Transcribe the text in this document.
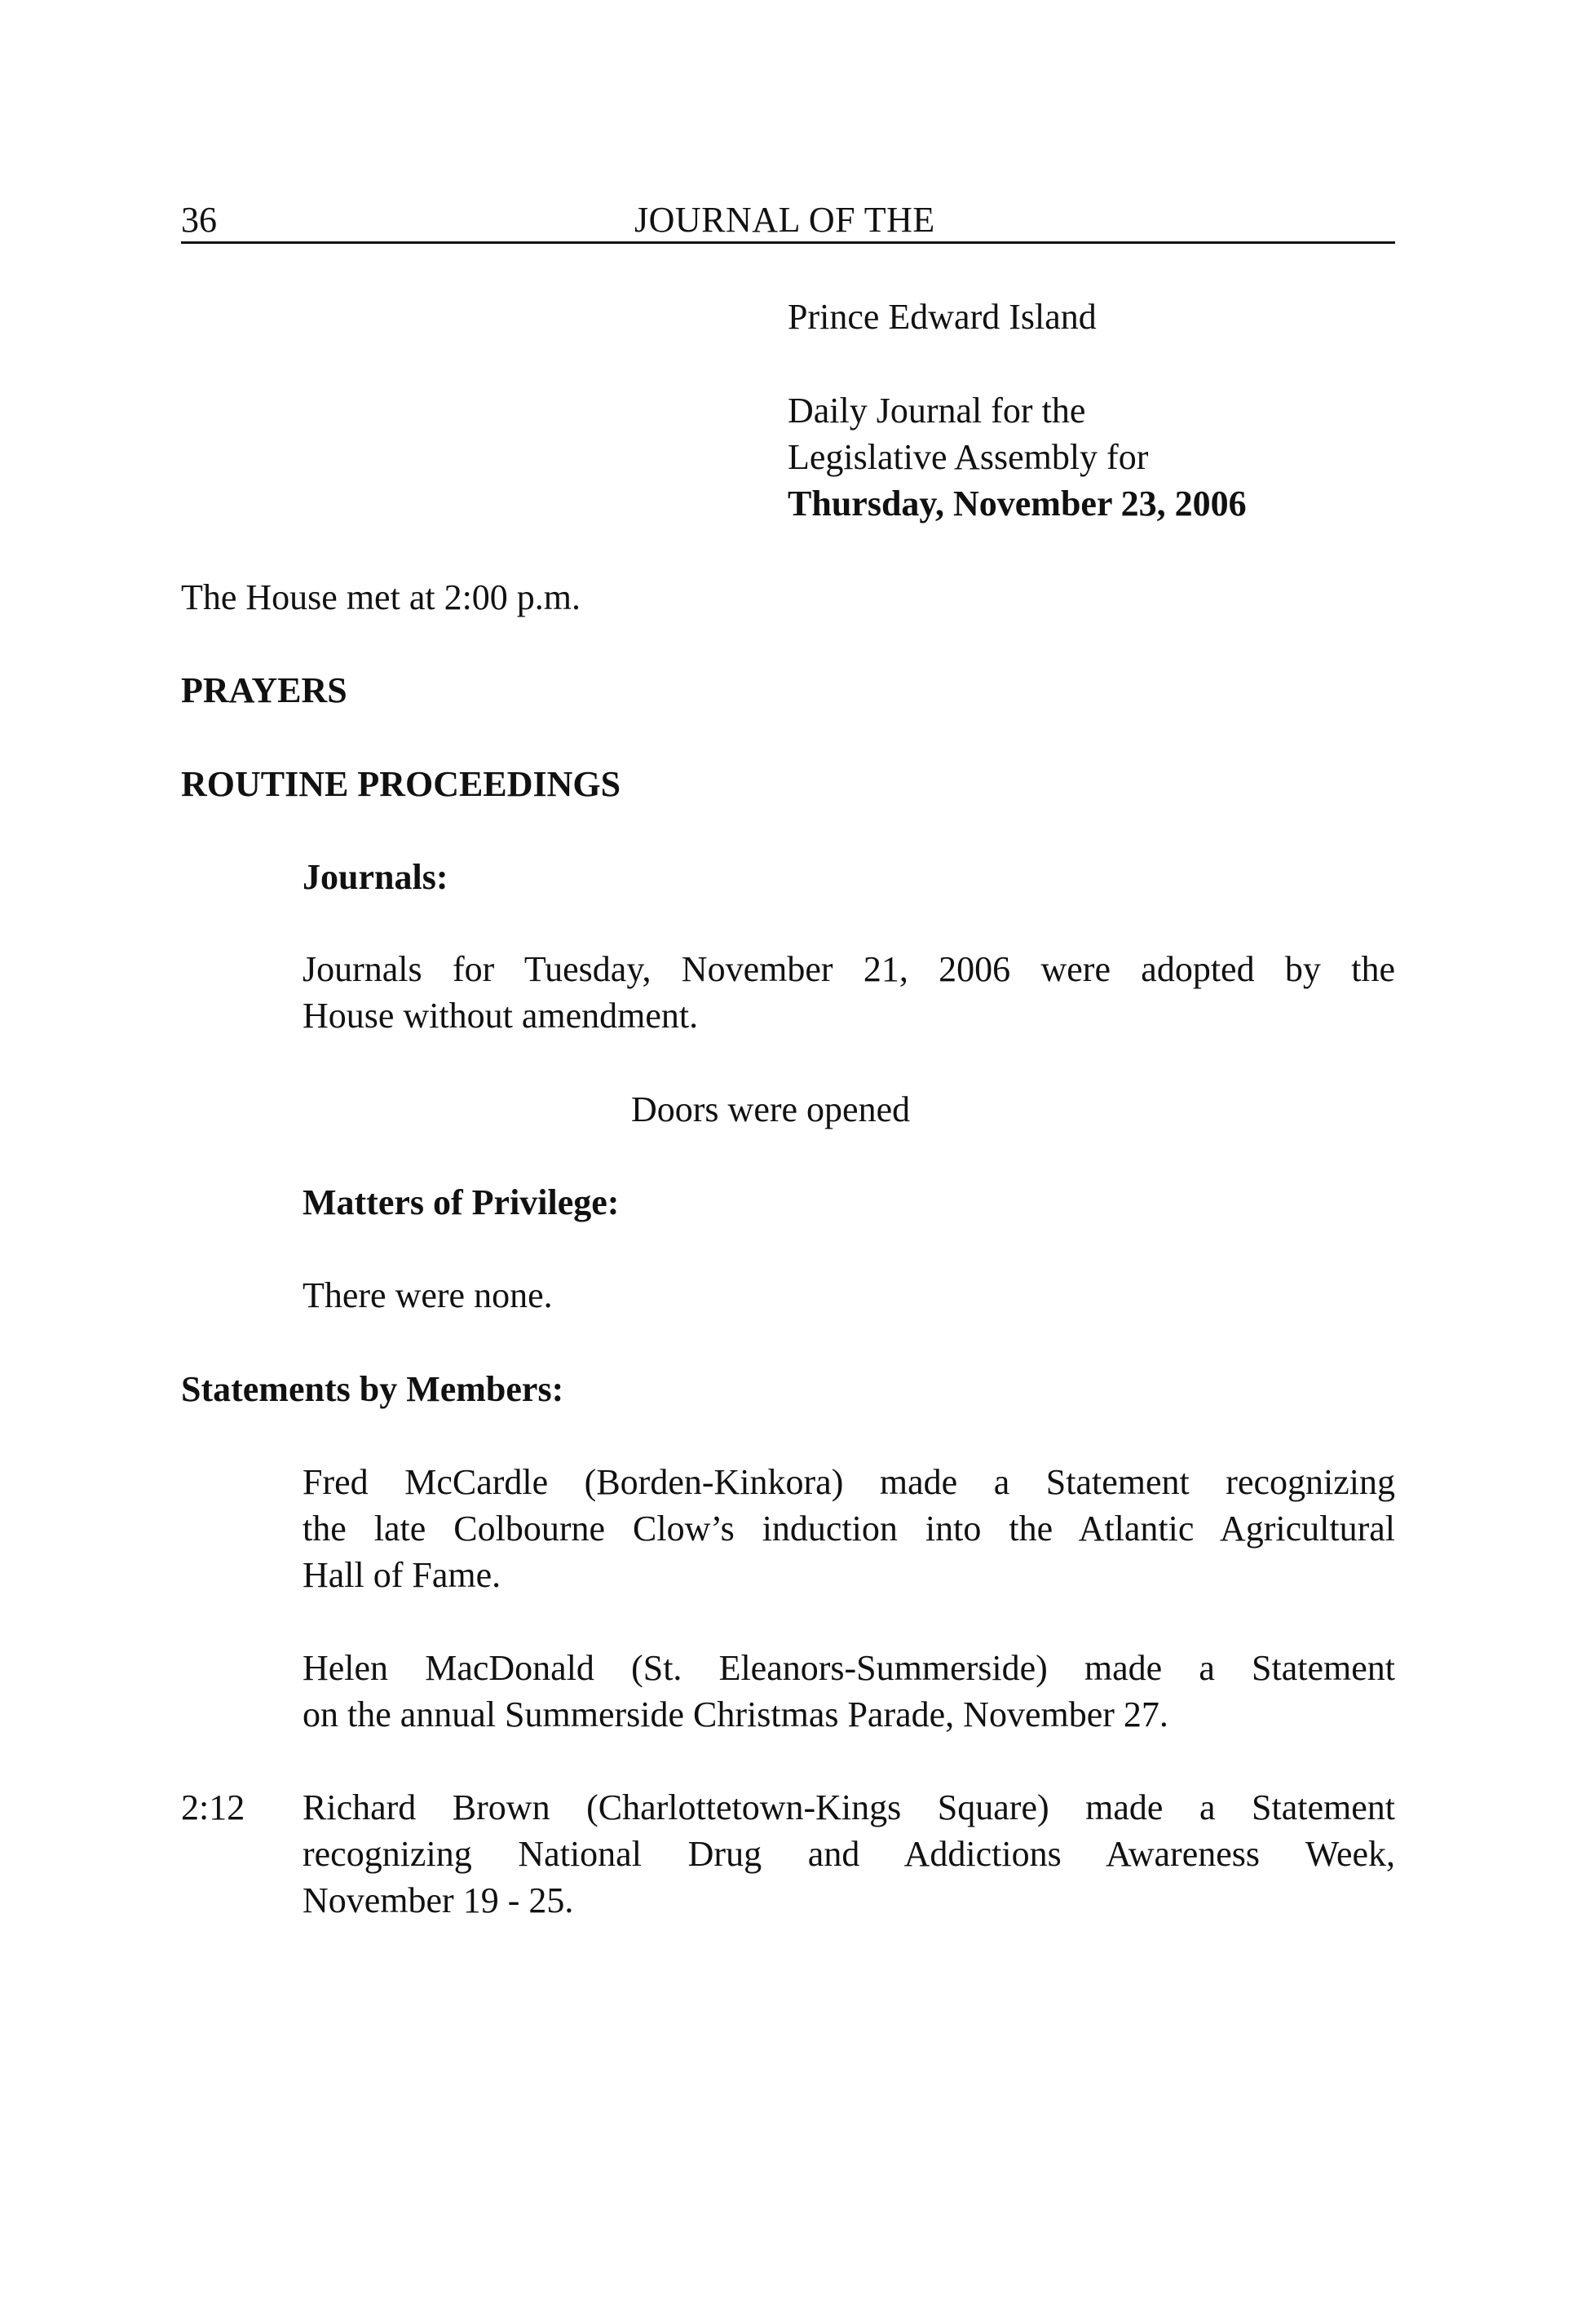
36	JOURNAL OF THE
Prince Edward Island
Daily Journal for the
Legislative Assembly for
Thursday, November 23, 2006
The House met at 2:00 p.m.
PRAYERS
ROUTINE PROCEEDINGS
Journals:
Journals for Tuesday, November 21, 2006 were adopted by the
House without amendment.
Doors were opened
Matters of Privilege:
There were none.
Statements by Members:
Fred McCardle (Borden-Kinkora) made a Statement recognizing
the late Colbourne Clow’s induction into the Atlantic Agricultural
Hall of Fame.
Helen MacDonald (St. Eleanors-Summerside) made a Statement
on the annual Summerside Christmas Parade, November 27.
2:12 Richard Brown (Charlottetown-Kings Square) made a Statement
recognizing National Drug and Addictions Awareness Week,
November 19 - 25.
